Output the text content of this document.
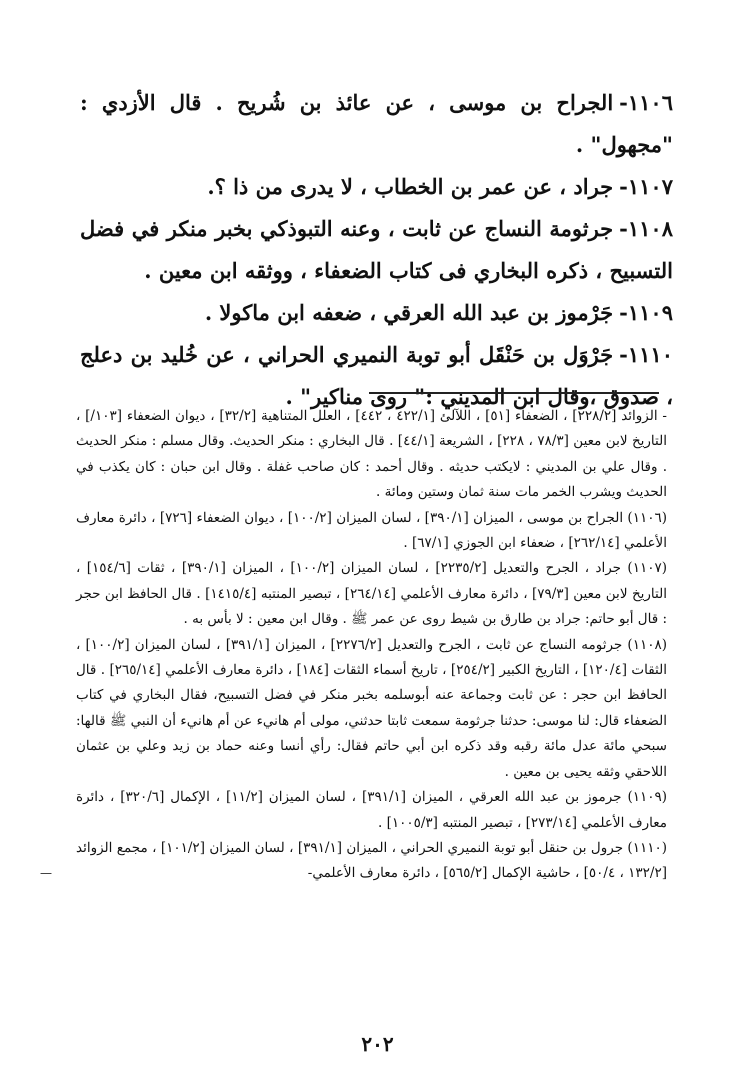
١١٠٦-الجراح بن موسى ، عن عائذ بن شُريح . قال الأزدي : "مجهول" .

١١٠٧-جراد ، عن عمر بن الخطاب ، لا يدرى من ذا ؟.

١١٠٨-جرثومة النساج عن ثابت ، وعنه التبوذكي بخبر منكر في فضل التسبيح ، ذكره البخاري فى كتاب الضعفاء ، ووثقه ابن معين .

١١٠٩-جَرْموز بن عبد الله العرقي ، ضعفه ابن ماكولا .

١١١٠-جَرْوَل بن حَنْقَل أبو توبة النميري الحراني ، عن خُليد بن دعلج ، صدوق ،وقال ابن المديني :" روى مناكير" .

- الزوائد [٢٢٨/٢] ، الضعفاء [٥١] ، اللآلئ [٤٢٢/١ ، ٤٤٢] ، العلل المتناهية [٣٢/٢] ، ديوان الضعفاء [١٠٣/] ، التاريخ لابن معين [٧٨/٣ ، ٢٢٨] ، الشريعة [٤٤/١] . قال البخاري : منكر الحديث. وقال مسلم : منكر الحديث . وقال علي بن المديني : لايكتب حديثه . وقال أحمد : كان صاحب غفلة . وقال ابن حبان : كان يكذب في الحديث ويشرب الخمر مات سنة ثمان وستين ومائة .

(١١٠٦) الجراح بن موسى ، الميزان [٣٩٠/١] ، لسان الميزان [١٠٠/٢] ، ديوان الضعفاء [٧٢٦] ، دائرة معارف الأعلمي [٢٦٢/١٤] ، ضعفاء ابن الجوزي [٦٧/١] .

(١١٠٧) جراد ، الجرح والتعديل [٢٢٣٥/٢] ، لسان الميزان [١٠٠/٢] ، الميزان [٣٩٠/١] ، ثقات [١٥٤/٦] ، التاريخ لابن معين [٧٩/٣] ، دائرة معارف الأعلمي [٢٦٤/١٤] ، تبصير المنتبه [١٤١٥/٤] . قال الحافظ ابن حجر : قال أبو حاتم: جراد بن طارق بن شيط روى عن عمر ﷺ . وقال ابن معين : لا بأس به .

(١١٠٨) جرثومه النساج عن ثابت ، الجرح والتعديل [٢٢٧٦/٢] ، الميزان [٣٩١/١] ، لسان الميزان [١٠٠/٢] ، الثقات [١٢٠/٤] ، التاريخ الكبير [٢٥٤/٢] ، تاريخ أسماء الثقات [١٨٤] ، دائرة معارف الأعلمي [٢٦٥/١٤] . قال الحافظ ابن حجر : عن ثابت وجماعة عنه أبوسلمه بخبر منكر في فضل التسبيح، فقال البخاري في كتاب الضعفاء قال: لنا موسى: حدثنا جرثومة سمعت ثابتا حدثني، مولى أم هانيء عن أم هانيء أن النبي ﷺ قالها: سبحي مائة عدل مائة رقبه وقد ذكره ابن أبي حاتم فقال: رأي أنسا وعنه حماد بن زيد وعلي بن عثمان اللاحقي وثقه يحيى بن معين .

(١١٠٩) جرموز بن عبد الله العرقي ، الميزان [٣٩١/١] ، لسان الميزان [١١/٢] ، الإكمال [٣٢٠/٦] ، دائرة معارف الأعلمي [٢٧٣/١٤] ، تبصير المنتبه [١٠٠٥/٣] .

(١١١٠) جرول بن حنقل أبو توبة النميري الحراني ، الميزان [٣٩١/١] ، لسان الميزان [١٠١/٢] ، مجمع الزوائد [١٣٢/٢ ، ٥٠/٤] ، حاشية الإكمال [٥٦٥/٢] ، دائرة معارف الأعلمي-

—
٢٠٢
